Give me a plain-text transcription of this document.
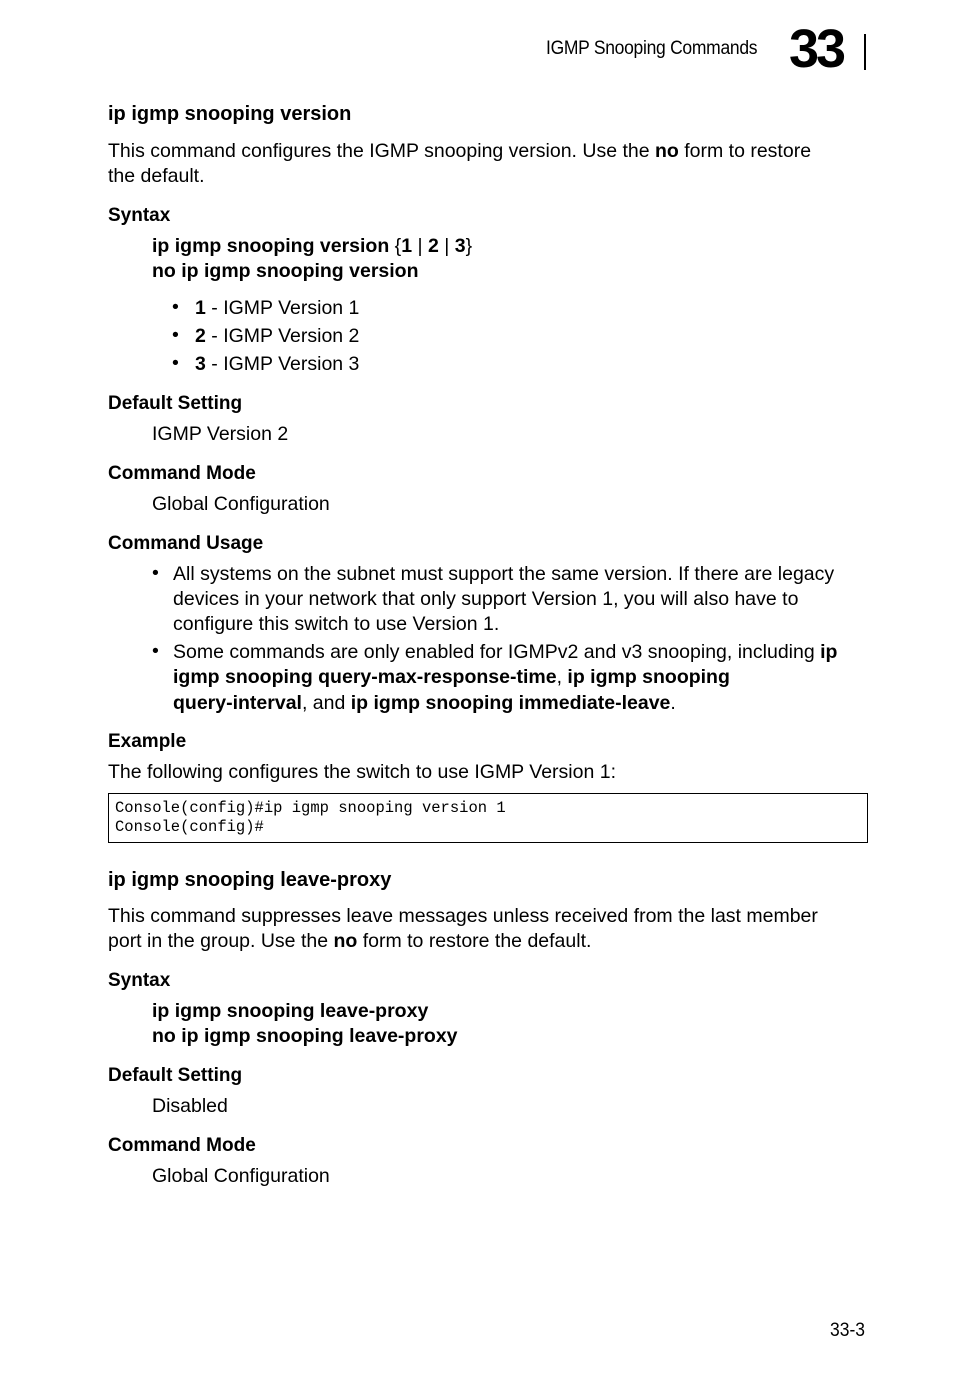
IGMP Snooping Commands 33
ip igmp snooping version
This command configures the IGMP snooping version. Use the no form to restore
the default.
Syntax
ip igmp snooping version {1 | 2 | 3}
no ip igmp snooping version
• 1 - IGMP Version 1
• 2 - IGMP Version 2
• 3 - IGMP Version 3
Default Setting
IGMP Version 2
Command Mode
Global Configuration
Command Usage
• All systems on the subnet must support the same version. If there are legacy
devices in your network that only support Version 1, you will also have to
configure this switch to use Version 1.
• Some commands are only enabled for IGMPv2 and v3 snooping, including ip
igmp snooping query-max-response-time, ip igmp snooping
query-interval, and ip igmp snooping immediate-leave.
Example
The following configures the switch to use IGMP Version 1:
Console(config)#ip igmp snooping version 1
Console(config)#
ip igmp snooping leave-proxy
This command suppresses leave messages unless received from the last member
port in the group. Use the no form to restore the default.
Syntax
ip igmp snooping leave-proxy
no ip igmp snooping leave-proxy
Default Setting
Disabled
Command Mode
Global Configuration
33-3
